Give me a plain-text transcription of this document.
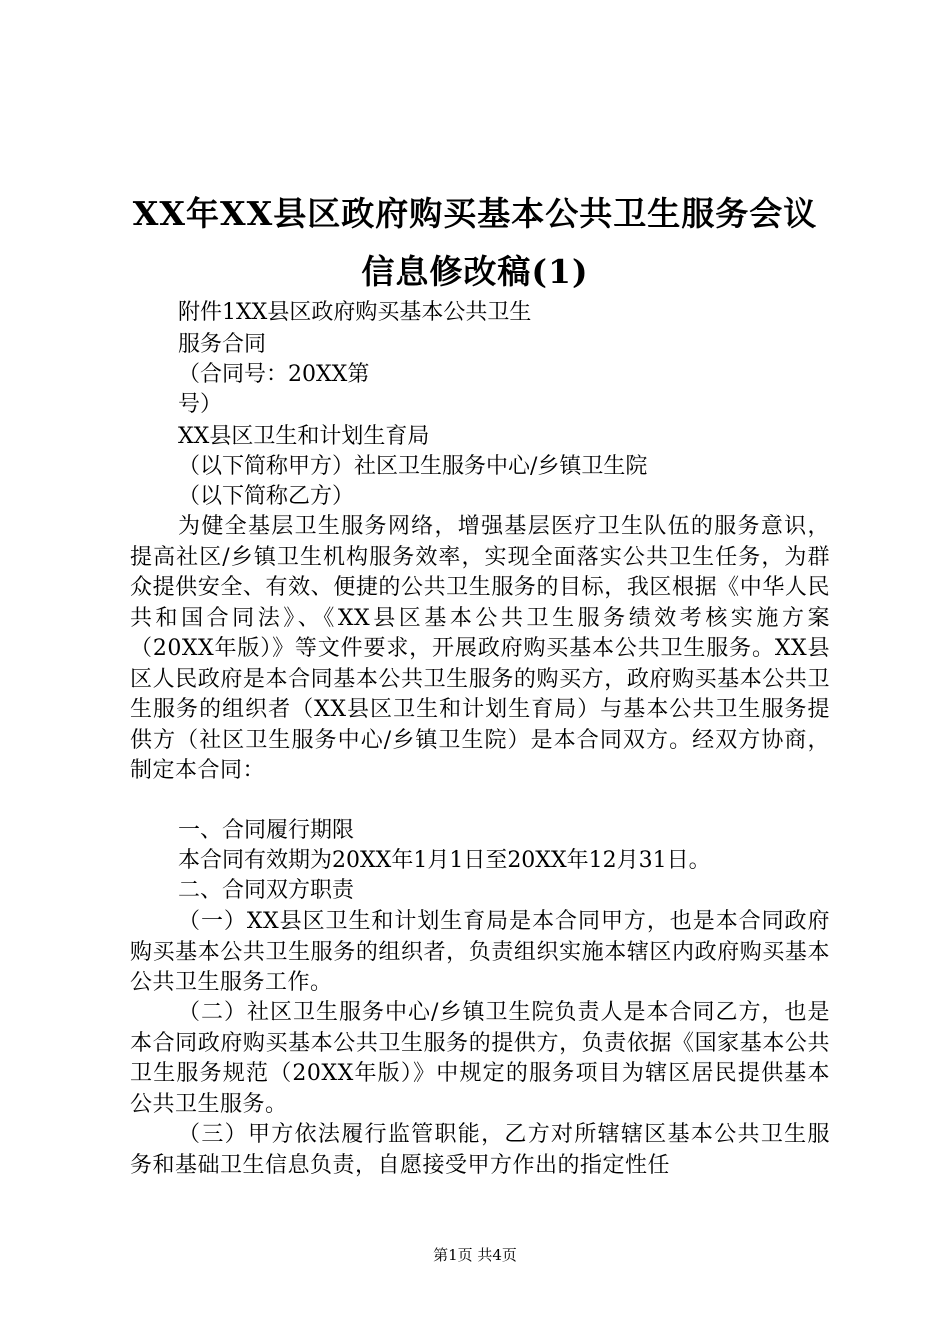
XX年XX县区政府购买基本公共卫生服务会议
信息修改稿(1)
附件1XX县区政府购买基本公共卫生
服务合同
（合同号：20XX第
号）
XX县区卫生和计划生育局
（以下简称甲方）社区卫生服务中心/乡镇卫生院
（以下简称乙方）
为健全基层卫生服务网络，增强基层医疗卫生队伍的服务意识，提高社区/乡镇卫生机构服务效率，实现全面落实公共卫生任务，为群众提供安全、有效、便捷的公共卫生服务的目标，我区根据《中华人民共和国合同法》、《XX县区基本公共卫生服务绩效考核实施方案（20XX年版）》等文件要求，开展政府购买基本公共卫生服务。XX县区人民政府是本合同基本公共卫生服务的购买方，政府购买基本公共卫生服务的组织者（XX县区卫生和计划生育局）与基本公共卫生服务提供方（社区卫生服务中心/乡镇卫生院）是本合同双方。经双方协商，制定本合同：
一、合同履行期限
本合同有效期为20XX年1月1日至20XX年12月31日。
二、合同双方职责
（一）XX县区卫生和计划生育局是本合同甲方，也是本合同政府购买基本公共卫生服务的组织者，负责组织实施本辖区内政府购买基本公共卫生服务工作。
（二）社区卫生服务中心/乡镇卫生院负责人是本合同乙方，也是本合同政府购买基本公共卫生服务的提供方，负责依据《国家基本公共卫生服务规范（20XX年版）》中规定的服务项目为辖区居民提供基本公共卫生服务。
（三）甲方依法履行监管职能，乙方对所辖辖区基本公共卫生服务和基础卫生信息负责，自愿接受甲方作出的指定性任
第1页 共4页
